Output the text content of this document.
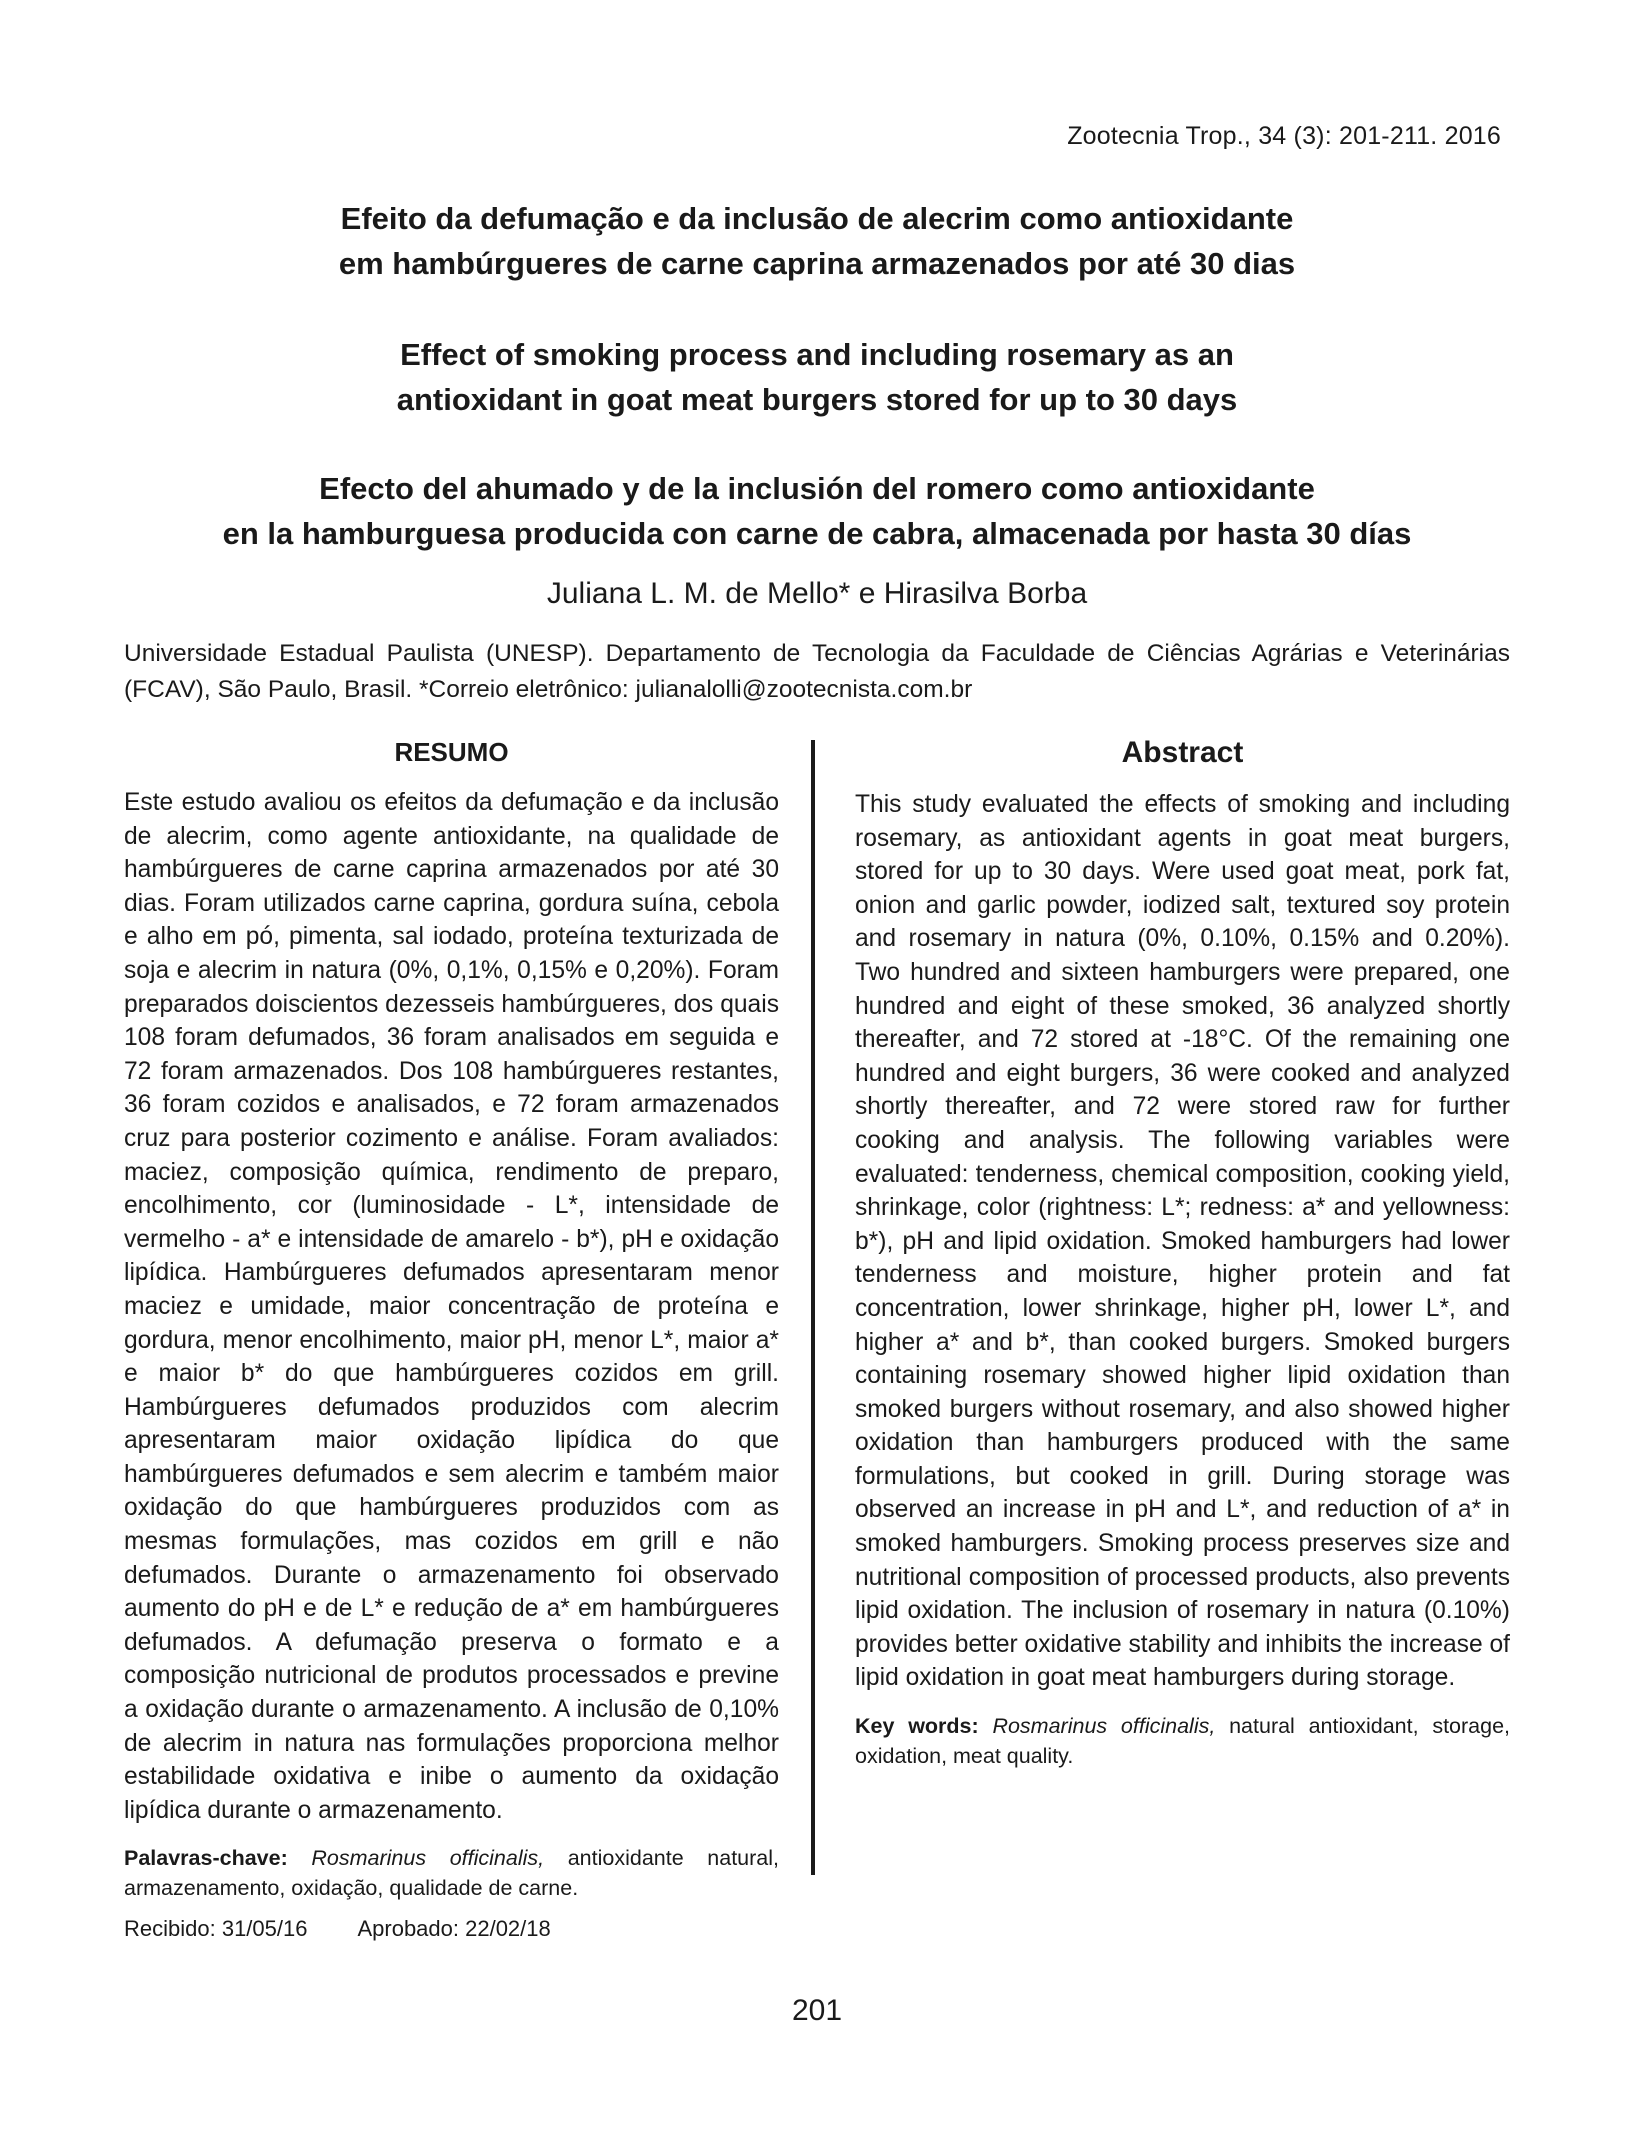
Zootecnia Trop., 34 (3): 201-211. 2016
Efeito da defumação e da inclusão de alecrim como antioxidante
em hambúrgueres de carne caprina armazenados por até 30 dias
Effect of smoking process and including rosemary as an
antioxidant in goat meat burgers stored for up to 30 days
Efecto del ahumado y de la inclusión del romero como antioxidante
en la hamburguesa producida con carne de cabra, almacenada por hasta 30 días
Juliana L. M. de Mello* e Hirasilva Borba
Universidade Estadual Paulista (UNESP). Departamento de Tecnologia da Faculdade de Ciências Agrárias e Veterinárias (FCAV), São Paulo, Brasil. *Correio eletrônico: julianalolli@zootecnista.com.br
RESUMO

Este estudo avaliou os efeitos da defumação e da inclusão de alecrim, como agente antioxidante, na qualidade de hambúrgueres de carne caprina armazenados por até 30 dias. Foram utilizados carne caprina, gordura suína, cebola e alho em pó, pimenta, sal iodado, proteína texturizada de soja e alecrim in natura (0%, 0,1%, 0,15% e 0,20%). Foram preparados doiscientos dezesseis hambúrgueres, dos quais 108 foram defumados, 36 foram analisados em seguida e 72 foram armazenados. Dos 108 hambúrgueres restantes, 36 foram cozidos e analisados, e 72 foram armazenados cruz para posterior cozimento e análise. Foram avaliados: maciez, composição química, rendimento de preparo, encolhimento, cor (luminosidade - L*, intensidade de vermelho - a* e intensidade de amarelo - b*), pH e oxidação lipídica. Hambúrgueres defumados apresentaram menor maciez e umidade, maior concentração de proteína e gordura, menor encolhimento, maior pH, menor L*, maior a* e maior b* do que hambúrgueres cozidos em grill. Hambúrgueres defumados produzidos com alecrim apresentaram maior oxidação lipídica do que hambúrgueres defumados e sem alecrim e também maior oxidação do que hambúrgueres produzidos com as mesmas formulações, mas cozidos em grill e não defumados. Durante o armazenamento foi observado aumento do pH e de L* e redução de a* em hambúrgueres defumados. A defumação preserva o formato e a composição nutricional de produtos processados e previne a oxidação durante o armazenamento. A inclusão de 0,10% de alecrim in natura nas formulações proporciona melhor estabilidade oxidativa e inibe o aumento da oxidação lipídica durante o armazenamento.

Palavras-chave: Rosmarinus officinalis, antioxidante natural, armazenamento, oxidação, qualidade de carne.
Abstract

This study evaluated the effects of smoking and including rosemary, as antioxidant agents in goat meat burgers, stored for up to 30 days. Were used goat meat, pork fat, onion and garlic powder, iodized salt, textured soy protein and rosemary in natura (0%, 0.10%, 0.15% and 0.20%). Two hundred and sixteen hamburgers were prepared, one hundred and eight of these smoked, 36 analyzed shortly thereafter, and 72 stored at -18°C. Of the remaining one hundred and eight burgers, 36 were cooked and analyzed shortly thereafter, and 72 were stored raw for further cooking and analysis. The following variables were evaluated: tenderness, chemical composition, cooking yield, shrinkage, color (rightness: L*; redness: a* and yellowness: b*), pH and lipid oxidation. Smoked hamburgers had lower tenderness and moisture, higher protein and fat concentration, lower shrinkage, higher pH, lower L*, and higher a* and b*, than cooked burgers. Smoked burgers containing rosemary showed higher lipid oxidation than smoked burgers without rosemary, and also showed higher oxidation than hamburgers produced with the same formulations, but cooked in grill. During storage was observed an increase in pH and L*, and reduction of a* in smoked hamburgers. Smoking process preserves size and nutritional composition of processed products, also prevents lipid oxidation. The inclusion of rosemary in natura (0.10%) provides better oxidative stability and inhibits the increase of lipid oxidation in goat meat hamburgers during storage.

Key words: Rosmarinus officinalis, natural antioxidant, storage, oxidation, meat quality.
Recibido: 31/05/16 Aprobado: 22/02/18
201
